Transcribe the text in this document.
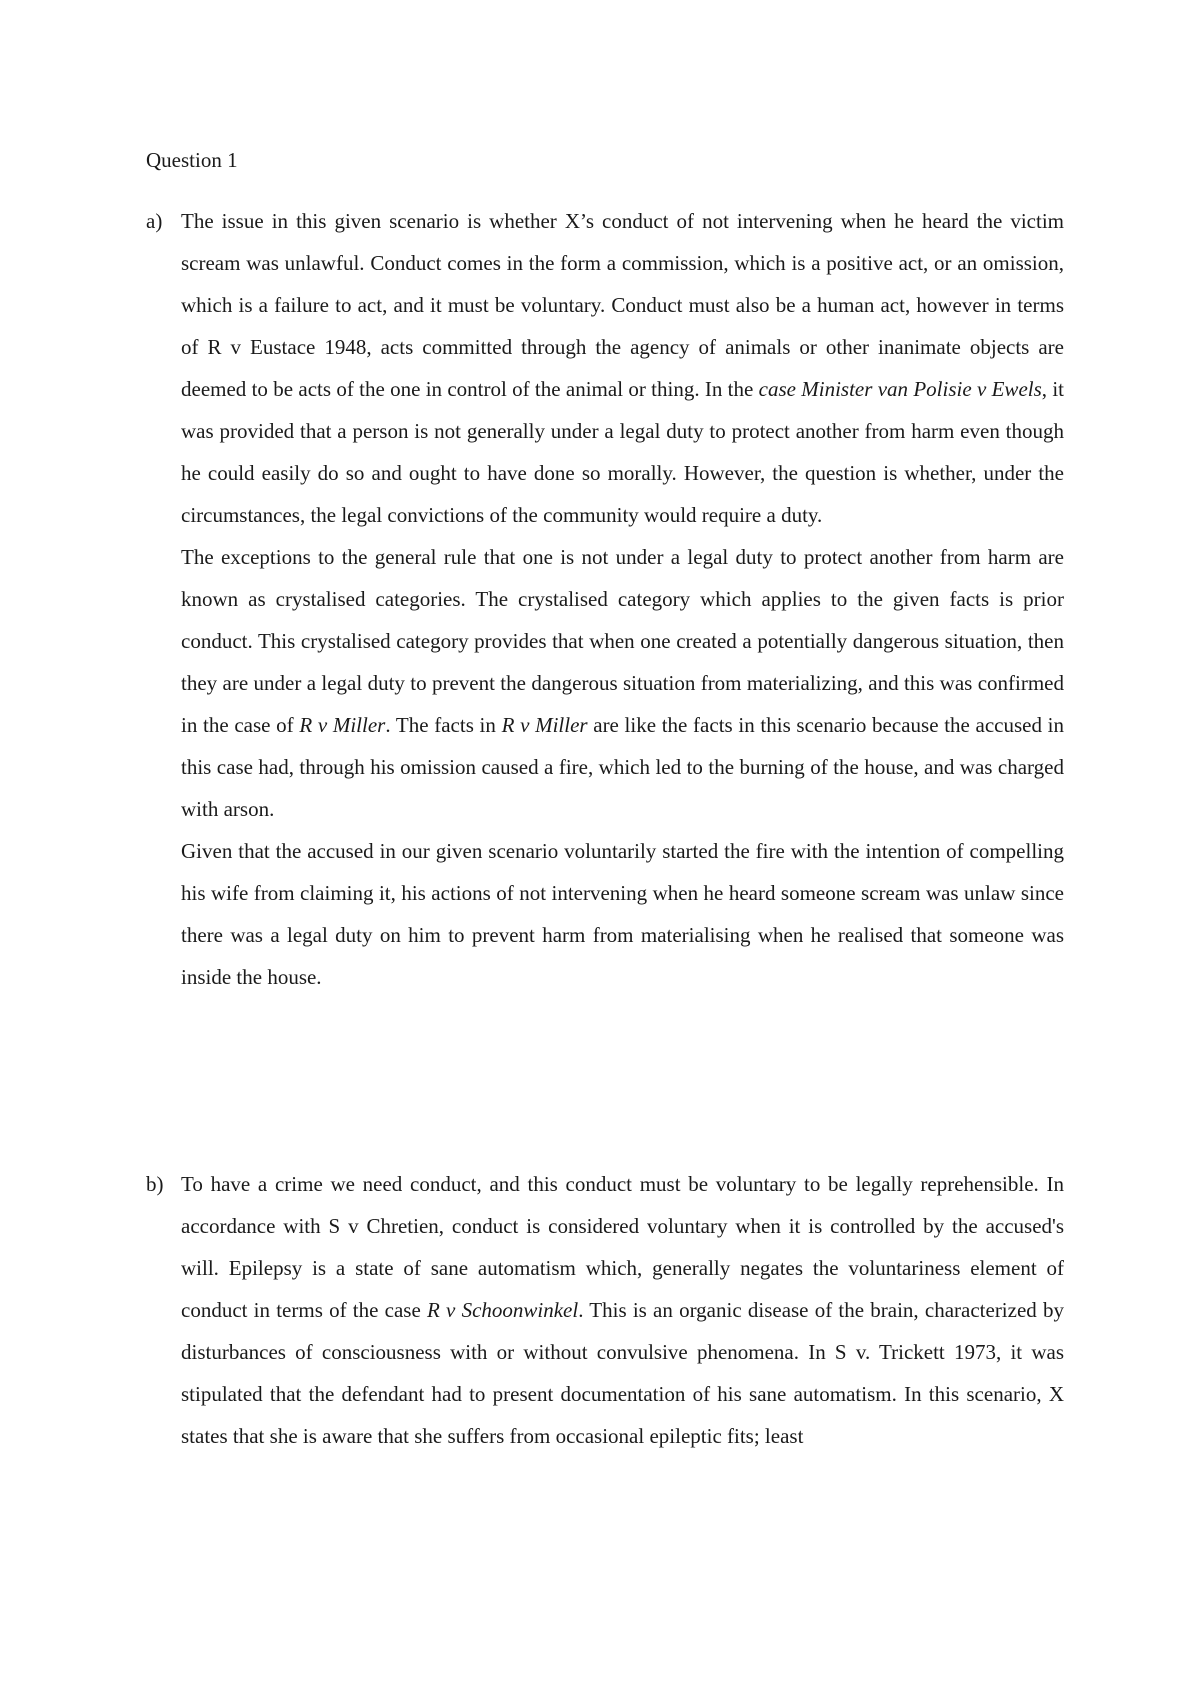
Question 1
a) The issue in this given scenario is whether X’s conduct of not intervening when he heard the victim scream was unlawful. Conduct comes in the form a commission, which is a positive act, or an omission, which is a failure to act, and it must be voluntary. Conduct must also be a human act, however in terms of R v Eustace 1948, acts committed through the agency of animals or other inanimate objects are deemed to be acts of the one in control of the animal or thing. In the case Minister van Polisie v Ewels, it was provided that a person is not generally under a legal duty to protect another from harm even though he could easily do so and ought to have done so morally. However, the question is whether, under the circumstances, the legal convictions of the community would require a duty.

The exceptions to the general rule that one is not under a legal duty to protect another from harm are known as crystalised categories. The crystalised category which applies to the given facts is prior conduct. This crystalised category provides that when one created a potentially dangerous situation, then they are under a legal duty to prevent the dangerous situation from materializing, and this was confirmed in the case of R v Miller. The facts in R v Miller are like the facts in this scenario because the accused in this case had, through his omission caused a fire, which led to the burning of the house, and was charged with arson.

Given that the accused in our given scenario voluntarily started the fire with the intention of compelling his wife from claiming it, his actions of not intervening when he heard someone scream was unlaw since there was a legal duty on him to prevent harm from materialising when he realised that someone was inside the house.

b) To have a crime we need conduct, and this conduct must be voluntary to be legally reprehensible. In accordance with S v Chretien, conduct is considered voluntary when it is controlled by the accused's will. Epilepsy is a state of sane automatism which, generally negates the voluntariness element of conduct in terms of the case R v Schoonwinkel. This is an organic disease of the brain, characterized by disturbances of consciousness with or without convulsive phenomena. In S v. Trickett 1973, it was stipulated that the defendant had to present documentation of his sane automatism. In this scenario, X states that she is aware that she suffers from occasional epileptic fits; least
